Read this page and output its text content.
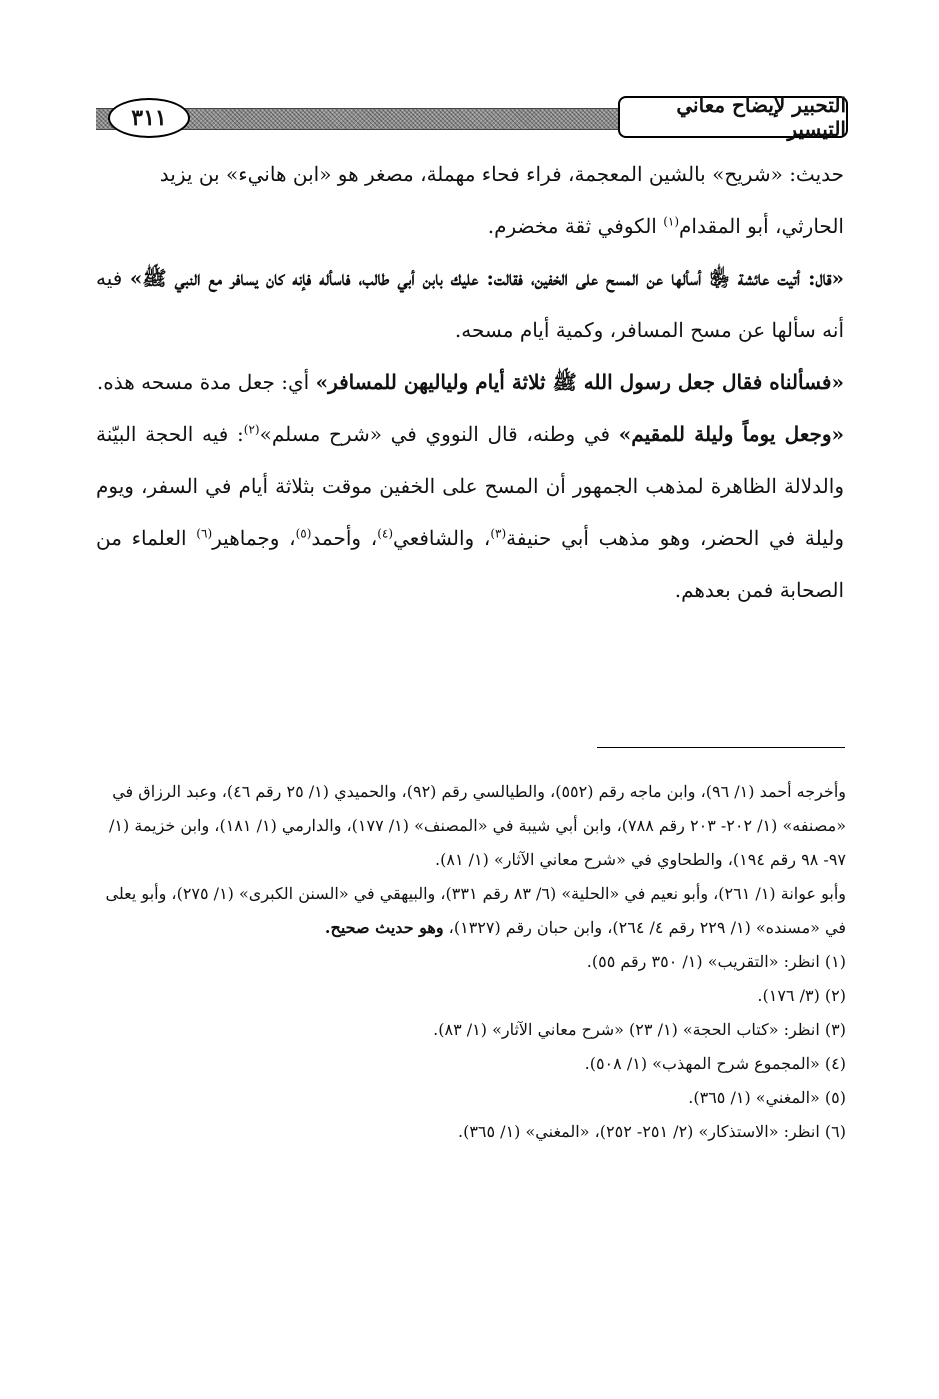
٣١١	التحبير لإيضاح معاني التيسير

حديث: «شريح» بالشين المعجمة، فراء فحاء مهملة، مصغر هو «ابن هانيء» بن يزيد
الحارثي، أبو المقدام$^{(١)}$ الكوفي ثقة مخضرم.

«قال: أتيت عائشة ﵂ أسألها عن المسح على الخفين، فقالت: عليك بابن أبي طالب، فاسأله فإنه كان يسافر مع النبي ﷺ» فيه أنه سألها عن مسح المسافر، وكمية أيام مسحه.

«فسألناه فقال جعل رسول الله ﷺ ثلاثة أيام ولياليهن للمسافر» أي: جعل مدة مسحه هذه.

«وجعل يوماً وليلة للمقيم» في وطنه، قال النووي في «شرح مسلم»$^{(٢)}$: فيه الحجة البيّنة والدلالة الظاهرة لمذهب الجمهور أن المسح على الخفين موقت بثلاثة أيام في السفر، ويوم وليلة في الحضر، وهو مذهب أبي حنيفة$^{(٣)}$، والشافعي$^{(٤)}$، وأحمد$^{(٥)}$، وجماهير$^{(٦)}$ العلماء من الصحابة فمن بعدهم.

وأخرجه أحمد (١/ ٩٦)، وابن ماجه رقم (٥٥٢)، والطيالسي رقم (٩٢)، والحميدي (١/ ٢٥ رقم ٤٦)، وعبد الرزاق في «مصنفه» (١/ ٢٠٢- ٢٠٣ رقم ٧٨٨)، وابن أبي شيبة في «المصنف» (١/ ١٧٧)، والدارمي (١/ ١٨١)، وابن خزيمة (١/ ٩٧- ٩٨ رقم ١٩٤)، والطحاوي في «شرح معاني الآثار» (١/ ٨١).

وأبو عوانة (١/ ٢٦١)، وأبو نعيم في «الحلية» (٦/ ٨٣ رقم ٣٣١)، والبيهقي في «السنن الكبرى» (١/ ٢٧٥)، وأبو يعلى في «مسنده» (١/ ٢٢٩ رقم ٤/ ٢٦٤)، وابن حبان رقم (١٣٢٧)، وهو حديث صحيح.

(١) انظر: «التقريب» (١/ ٣٥٠ رقم ٥٥).

(٢) (٣/ ١٧٦).

(٣) انظر: «كتاب الحجة» (١/ ٢٣) «شرح معاني الآثار» (١/ ٨٣).

(٤) «المجموع شرح المهذب» (١/ ٥٠٨).

(٥) «المغني» (١/ ٣٦٥).

(٦) انظر: «الاستذكار» (٢/ ٢٥١- ٢٥٢)، «المغني» (١/ ٣٦٥).
